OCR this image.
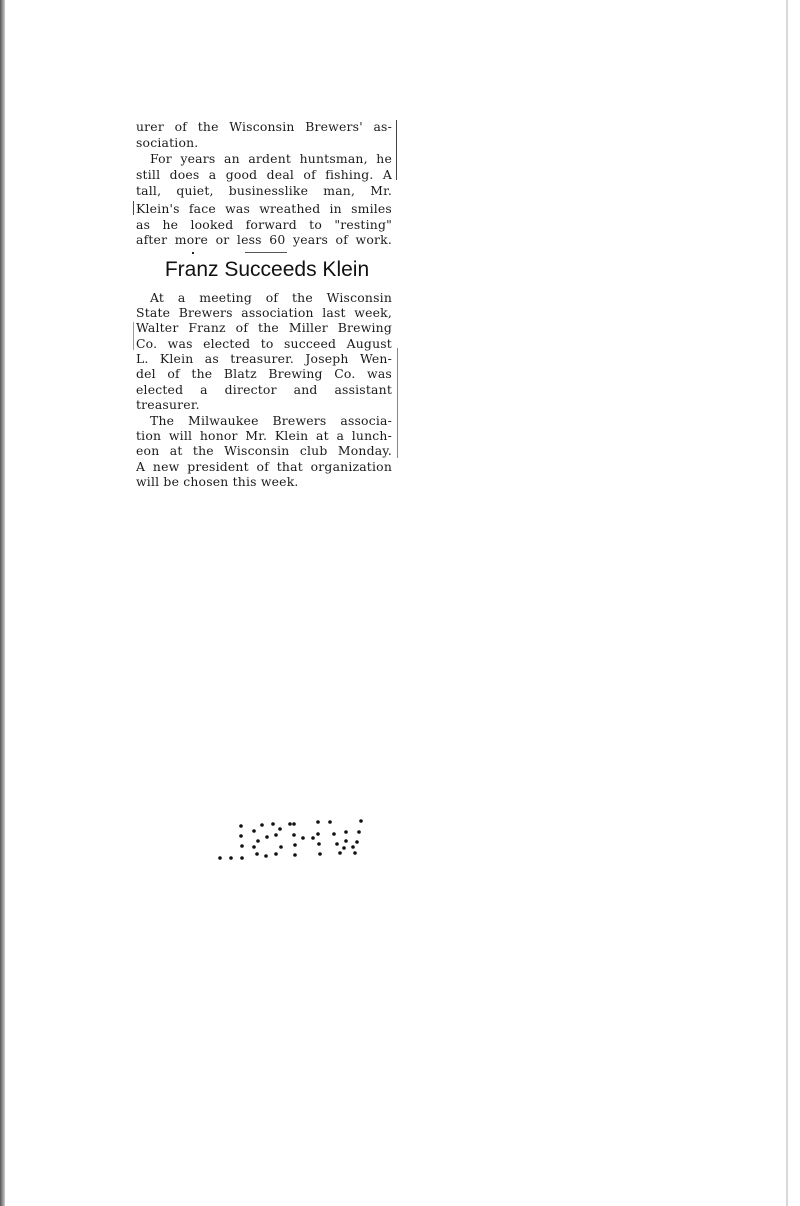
urer of the Wisconsin Brewers' as-
sociation.
For years an ardent huntsman, he
still does a good deal of fishing. A
tall, quiet, businesslike man, Mr.
Klein's face was wreathed in smiles
as he looked forward to "resting"
after more or less 60 years of work.
Franz Succeeds Klein
At a meeting of the Wisconsin
State Brewers association last week,
Walter Franz of the Miller Brewing
Co. was elected to succeed August
L. Klein as treasurer. Joseph Wen-
del of the Blatz Brewing Co. was
elected a director and assistant
treasurer.
The Milwaukee Brewers associa-
tion will honor Mr. Klein at a lunch-
eon at the Wisconsin club Monday.
A new president of that organization
will be chosen this week.
